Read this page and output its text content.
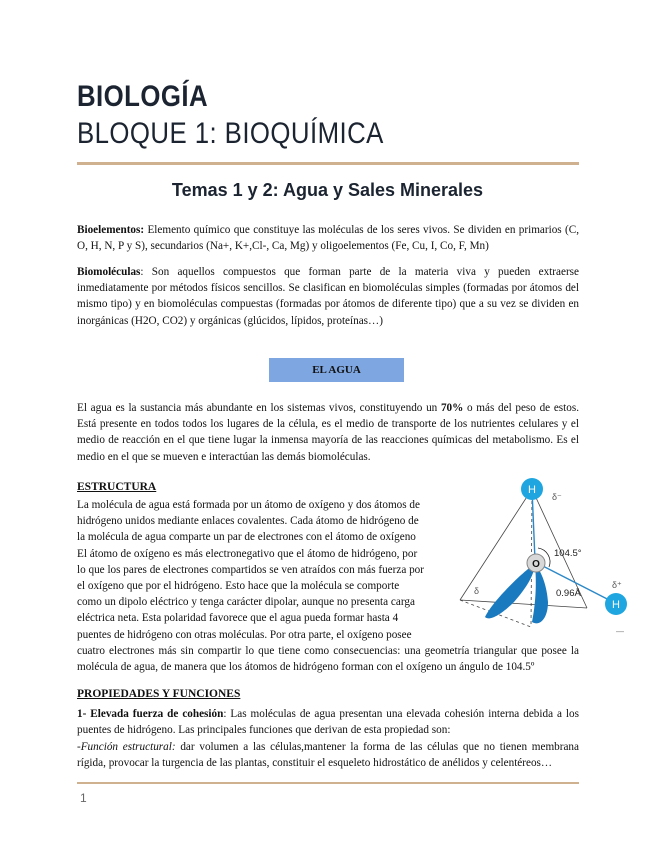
BIOLOGÍA
BLOQUE 1: BIOQUÍMICA
Temas 1 y 2: Agua y Sales Minerales
Bioelementos: Elemento químico que constituye las moléculas de los seres vivos. Se dividen en primarios (C, O, H, N, P y S), secundarios (Na+, K+,Cl-, Ca, Mg) y oligoelementos (Fe, Cu, I, Co, F, Mn)
Biomoléculas: Son aquellos compuestos que forman parte de la materia viva y pueden extraerse inmediatamente por métodos físicos sencillos. Se clasifican en biomoléculas simples (formadas por átomos del mismo tipo) y en biomoléculas compuestas (formadas por átomos de diferente tipo) que a su vez se dividen en inorgánicas (H2O, CO2) y orgánicas (glúcidos, lípidos, proteínas…)
EL AGUA
El agua es la sustancia más abundante en los sistemas vivos, constituyendo un 70% o más del peso de estos. Está presente en todos todos los lugares de la célula, es el medio de transporte de los nutrientes celulares y el medio de reacción en el que tiene lugar la inmensa mayoría de las reacciones químicas del metabolismo. Es el medio en el que se mueven e interactúan las demás biomoléculas.
ESTRUCTURA
La molécula de agua está formada por un átomo de oxígeno y dos átomos de
hidrógeno unidos mediante enlaces covalentes. Cada átomo de hidrógeno de
la molécula de agua comparte un par de electrones con el átomo de oxígeno
El átomo de oxígeno es más electronegativo que el átomo de hidrógeno, por
lo que los pares de electrones compartidos se ven atraídos con más fuerza por
el oxígeno que por el hidrógeno. Esto hace que la molécula se comporte
como un dipolo eléctrico y tenga carácter dipolar, aunque no presenta carga
eléctrica neta. Esta polaridad favorece que el agua pueda formar hasta 4
puentes de hidrógeno con otras moléculas. Por otra parte, el oxígeno posee
cuatro electrones más sin compartir lo que tiene como consecuencias: una geometría triangular que posee la molécula de agua, de manera que los átomos de hidrógeno forman con el oxígeno un ángulo de 104.5º
H
O
H
δ⁻
104.5°
0.96Å
δ⁺
δ
—
PROPIEDADES Y FUNCIONES
1- Elevada fuerza de cohesión: Las moléculas de agua presentan una elevada cohesión interna debida a los puentes de hidrógeno. Las principales funciones que derivan de esta propiedad son:
-Función estructural: dar volumen a las células,mantener la forma de las células que no tienen membrana rígida, provocar la turgencia de las plantas, constituir el esqueleto hidrostático de anélidos y celentéreos…
1
